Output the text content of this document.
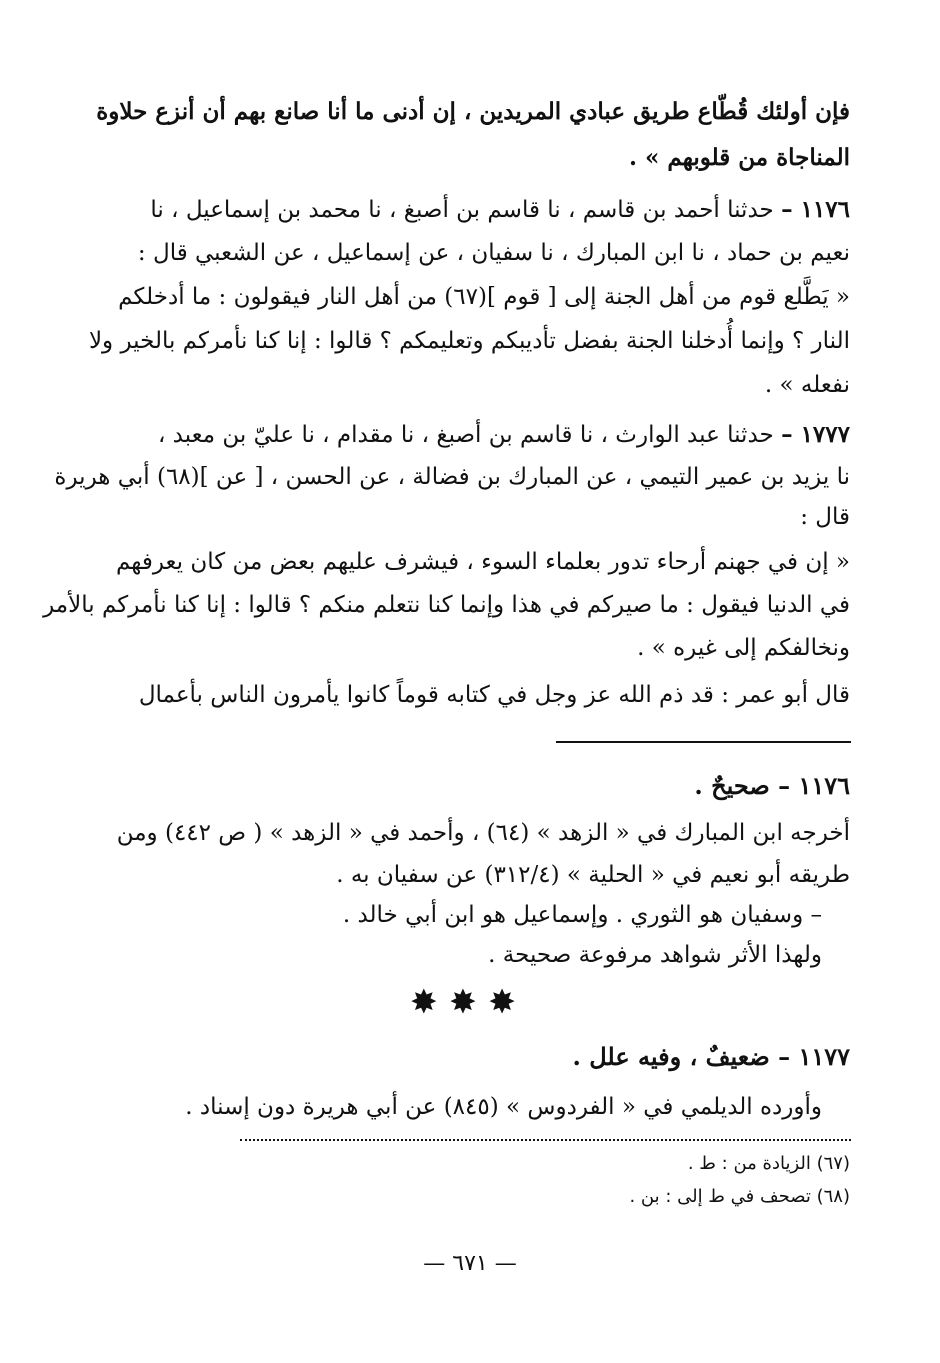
فإن أولئك قُطّاع طريق عبادي المريدين ، إن أدنى ما أنا صانع بهم أن أنزع حلاوة
المناجاة من قلوبهم » .
١١٧٦ – حدثنا أحمد بن قاسم ، نا قاسم بن أصبغ ، نا محمد بن إسماعيل ، نا
نعيم بن حماد ، نا ابن المبارك ، نا سفيان ، عن إسماعيل ، عن الشعبي قال :
« يَطَّلع قوم من أهل الجنة إلى [ قوم ](٦٧) من أهل النار فيقولون : ما أدخلكم
النار ؟ وإنما أُدخلنا الجنة بفضل تأديبكم وتعليمكم ؟ قالوا : إنا كنا نأمركم بالخير ولا
نفعله » .
١٧٧٧ – حدثنا عبد الوارث ، نا قاسم بن أصبغ ، نا مقدام ، نا عليّ بن معبد ،
نا يزيد بن عمير التيمي ، عن المبارك بن فضالة ، عن الحسن ، [ عن ](٦٨) أبي هريرة
قال :
« إن في جهنم أرحاء تدور بعلماء السوء ، فيشرف عليهم بعض من كان يعرفهم
في الدنيا فيقول : ما صيركم في هذا وإنما كنا نتعلم منكم ؟ قالوا : إنا كنا نأمركم بالأمر
ونخالفكم إلى غيره » .
قال أبو عمر : قد ذم الله عز وجل في كتابه قوماً كانوا يأمرون الناس بأعمال
١١٧٦ – صحيحٌ .
أخرجه ابن المبارك في « الزهد » (٦٤) ، وأحمد في « الزهد » ( ص ٤٤٢) ومن
طريقه أبو نعيم في « الحلية » (٣١٢/٤) عن سفيان به .
– وسفيان هو الثوري . وإسماعيل هو ابن أبي خالد .
ولهذا الأثر شواهد مرفوعة صحيحة .
✸✸✸
١١٧٧ – ضعيفٌ ، وفيه علل .
وأورده الديلمي في « الفردوس » (٨٤٥) عن أبي هريرة دون إسناد .
(٦٧) الزيادة من : ط .
(٦٨) تصحف في ط إلى : بن .
— ٦٧١ —
